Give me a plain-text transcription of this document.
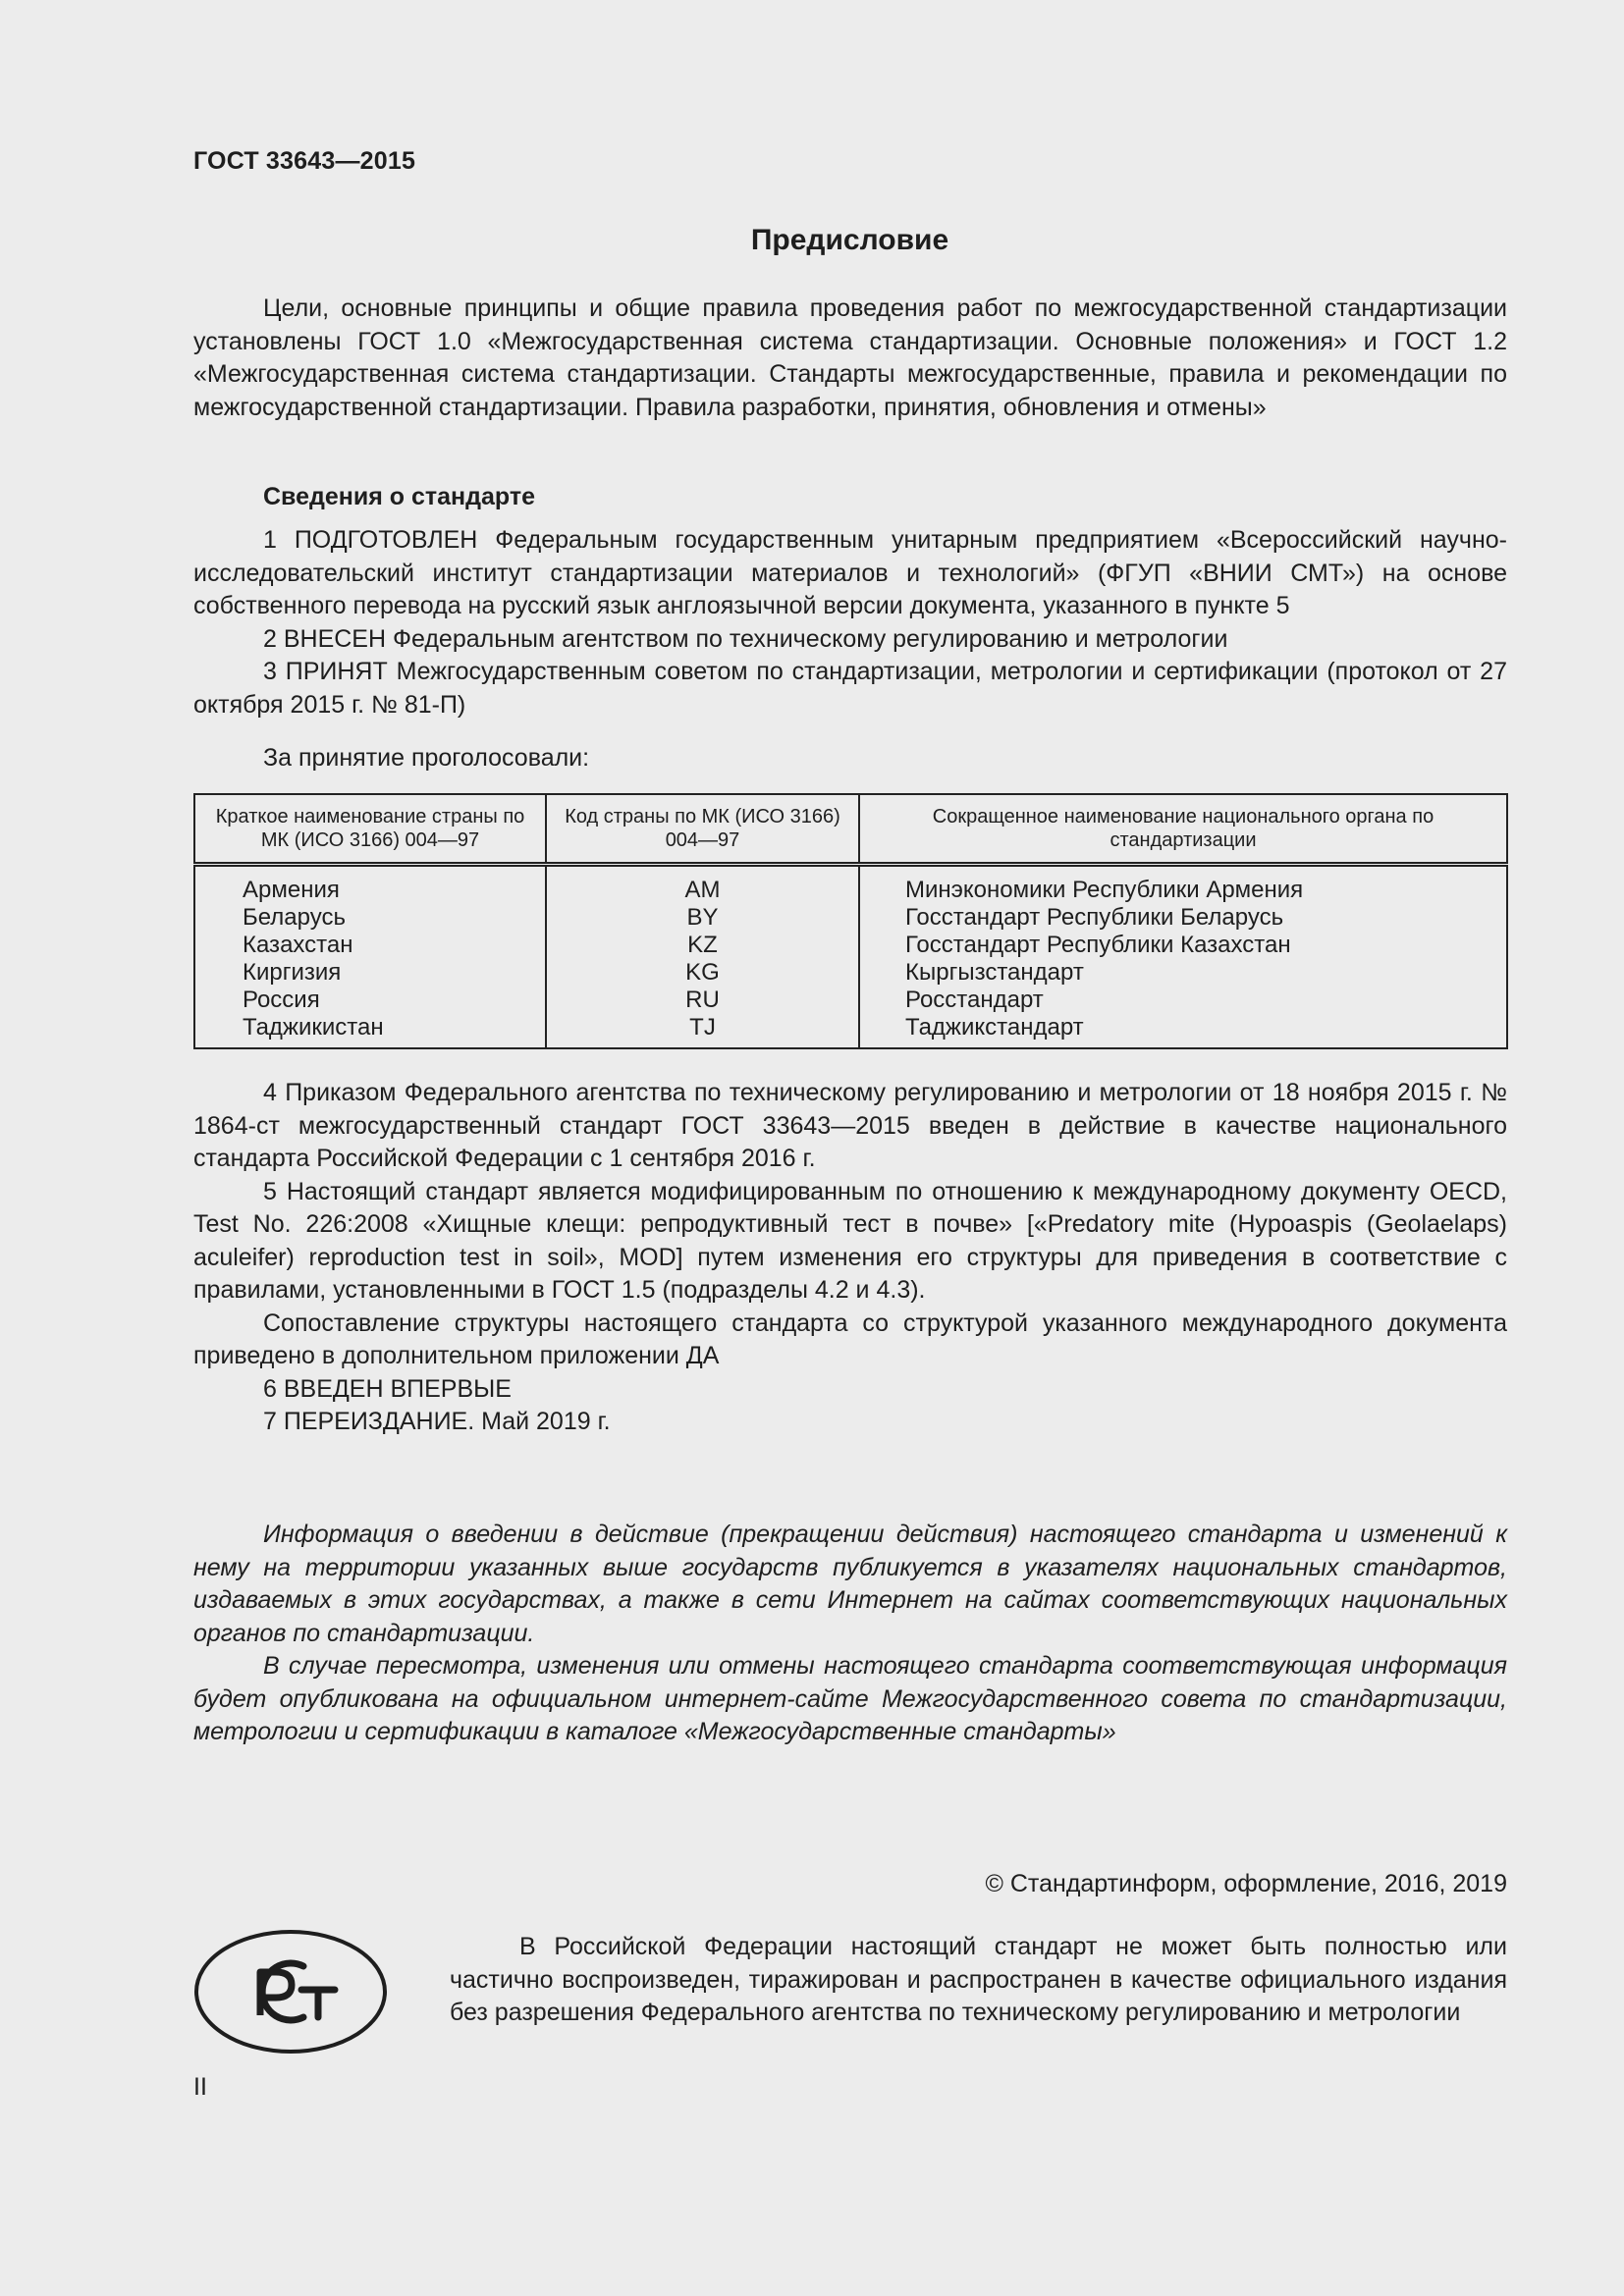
ГОСТ 33643—2015
Предисловие

Цели, основные принципы и общие правила проведения работ по межгосударственной стандартизации установлены ГОСТ 1.0 «Межгосударственная система стандартизации. Основные положения» и ГОСТ 1.2 «Межгосударственная система стандартизации. Стандарты межгосударственные, правила и рекомендации по межгосударственной стандартизации. Правила разработки, принятия, обновления и отмены»

Сведения о стандарте

1 ПОДГОТОВЛЕН Федеральным государственным унитарным предприятием «Всероссийский научно-исследовательский институт стандартизации материалов и технологий» (ФГУП «ВНИИ СМТ») на основе собственного перевода на русский язык англоязычной версии документа, указанного в пункте 5

2 ВНЕСЕН Федеральным агентством по техническому регулированию и метрологии

3 ПРИНЯТ Межгосударственным советом по стандартизации, метрологии и сертификации (протокол от 27 октября 2015 г. № 81-П)

За принятие проголосовали:

Краткое наименование страны по МК (ИСО 3166) 004—97	Код страны по МК (ИСО 3166) 004—97	Сокращенное наименование национального органа по стандартизации
Армения	AM	Минэкономики Республики Армения
Беларусь	BY	Госстандарт Республики Беларусь
Казахстан	KZ	Госстандарт Республики Казахстан
Киргизия	KG	Кыргызстандарт
Россия	RU	Росстандарт
Таджикистан	TJ	Таджикстандарт

4 Приказом Федерального агентства по техническому регулированию и метрологии от 18 ноября 2015 г. № 1864-ст межгосударственный стандарт ГОСТ 33643—2015 введен в действие в качестве национального стандарта Российской Федерации с 1 сентября 2016 г.

5 Настоящий стандарт является модифицированным по отношению к международному документу OECD, Test No. 226:2008 «Хищные клещи: репродуктивный тест в почве» [«Predatory mite (Hypoaspis (Geolaelaps) aculeifer) reproduction test in soil», MOD] путем изменения его структуры для приведения в соответствие с правилами, установленными в ГОСТ 1.5 (подразделы 4.2 и 4.3).

Сопоставление структуры настоящего стандарта со структурой указанного международного документа приведено в дополнительном приложении ДА

6 ВВЕДЕН ВПЕРВЫЕ

7 ПЕРЕИЗДАНИЕ. Май 2019 г.

Информация о введении в действие (прекращении действия) настоящего стандарта и изменений к нему на территории указанных выше государств публикуется в указателях национальных стандартов, издаваемых в этих государствах, а также в сети Интернет на сайтах соответствующих национальных органов по стандартизации.

В случае пересмотра, изменения или отмены настоящего стандарта соответствующая информация будет опубликована на официальном интернет-сайте Межгосударственного совета по стандартизации, метрологии и сертификации в каталоге «Межгосударственные стандарты»

© Стандартинформ, оформление, 2016, 2019

В Российской Федерации настоящий стандарт не может быть полностью или частично воспроизведен, тиражирован и распространен в качестве официального издания без разрешения Федерального агентства по техническому регулированию и метрологии

II
